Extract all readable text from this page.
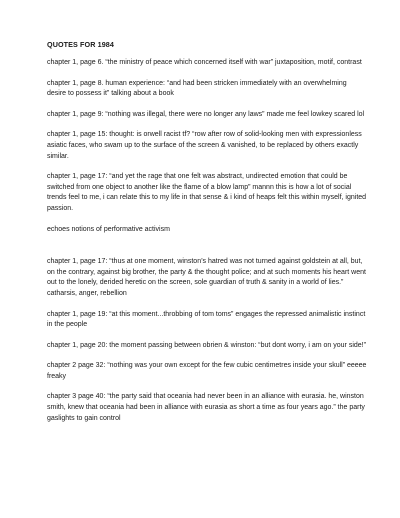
QUOTES FOR 1984

chapter 1, page 6. “the ministry of peace which concerned itself with war” juxtaposition, motif, contrast

chapter 1, page 8. human experience: “and had been stricken immediately with an overwhelming desire to possess it” talking about a book

chapter 1, page 9: “nothing was illegal, there were no longer any laws” made me feel lowkey scared lol

chapter 1, page 15: thought: is orwell racist tf? “row after row of solid-looking men with expressionless asiatic faces, who swam up to the surface of the screen & vanished, to be replaced by others exactly similar.

chapter 1, page 17: “and yet the rage that one felt was abstract, undirected emotion that could be switched from one object to another like the flame of a blow lamp” mannn this is how a lot of social trends feel to me, i can relate this to my life in that sense & i kind of heaps felt this within myself, ignited passion.

echoes notions of performative activism

chapter 1, page 17: “thus at one moment, winston’s hatred was not turned against goldstein at all, but, on the contrary, against big brother, the party & the thought police; and at such moments his heart went out to the lonely, derided heretic on the screen, sole guardian of truth & sanity in a world of lies.” catharsis, anger, rebellion

chapter 1, page 19: “at this moment...throbbing of tom toms” engages the repressed animalistic instinct in the people

chapter 1, page 20: the moment passing between obrien & winston: “but dont worry, i am on your side!”

chapter 2 page 32: “nothing was your own except for the few cubic centimetres inside your skull” eeeee freaky

chapter 3 page 40: “the party said that oceania had never been in an alliance with eurasia. he, winston smith, knew that oceania had been in alliance with eurasia as short a time as four years ago.” the party gaslights to gain control
